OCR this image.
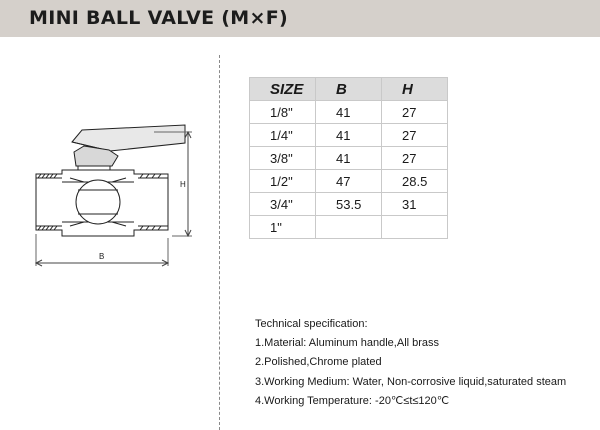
MINI BALL VALVE (M×F)
H
B
SIZE	B	H
1/8"	41	27
1/4"	41	27
3/8"	41	27
1/2"	47	28.5
3/4"	53.5	31
1"		
Technical specification:
1.Material: Aluminum handle,All brass
2.Polished,Chrome plated
3.Working Medium: Water, Non-corrosive liquid,saturated steam
4.Working Temperature: -20℃≤t≤120℃
